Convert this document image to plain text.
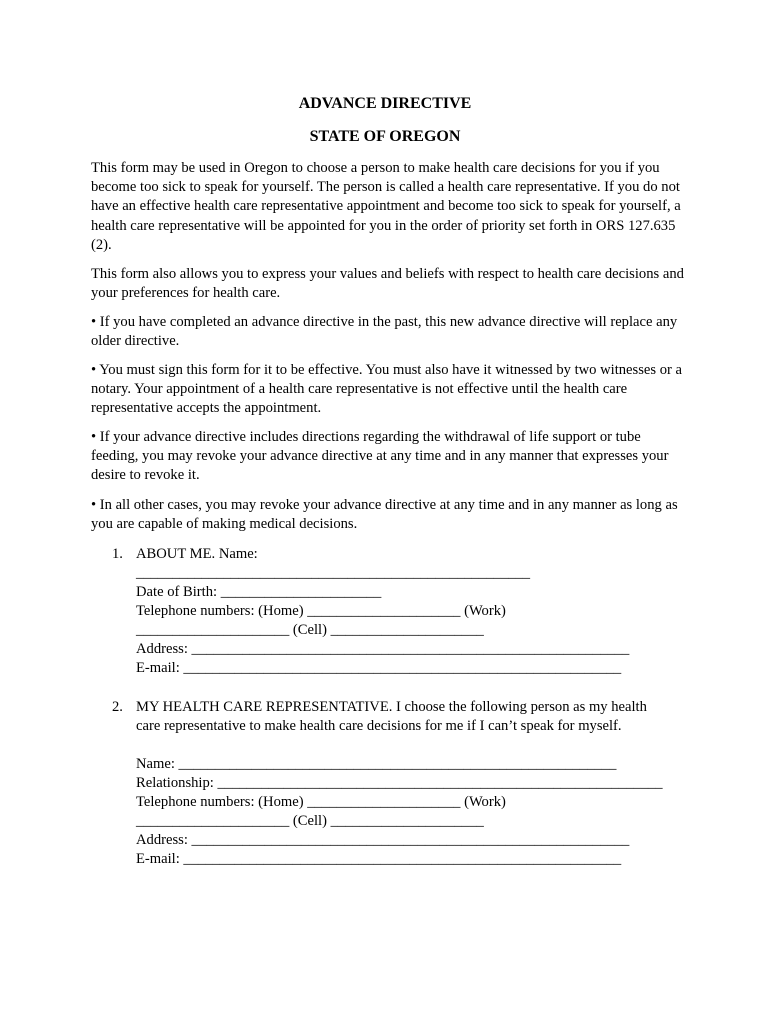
ADVANCE DIRECTIVE
STATE OF OREGON

This form may be used in Oregon to choose a person to make health care decisions for you if you become too sick to speak for yourself. The person is called a health care representative. If you do not have an effective health care representative appointment and become too sick to speak for yourself, a health care representative will be appointed for you in the order of priority set forth in ORS 127.635 (2).

This form also allows you to express your values and beliefs with respect to health care decisions and your preferences for health care.

• If you have completed an advance directive in the past, this new advance directive will replace any older directive.

• You must sign this form for it to be effective. You must also have it witnessed by two witnesses or a notary. Your appointment of a health care representative is not effective until the health care representative accepts the appointment.

• If your advance directive includes directions regarding the withdrawal of life support or tube feeding, you may revoke your advance directive at any time and in any manner that expresses your desire to revoke it.

• In all other cases, you may revoke your advance directive at any time and in any manner as long as you are capable of making medical decisions.

1. ABOUT ME. Name:
______________________________________________________
Date of Birth: ______________________
Telephone numbers: (Home) _____________________ (Work)
_____________________ (Cell) _____________________
Address: ____________________________________________________________
E-mail: ____________________________________________________________
2. MY HEALTH CARE REPRESENTATIVE. I choose the following person as my health
care representative to make health care decisions for me if I can’t speak for myself.
Name: ____________________________________________________________
Relationship: _____________________________________________________________
Telephone numbers: (Home) _____________________ (Work)
_____________________ (Cell) _____________________
Address: ____________________________________________________________
E-mail: ____________________________________________________________
